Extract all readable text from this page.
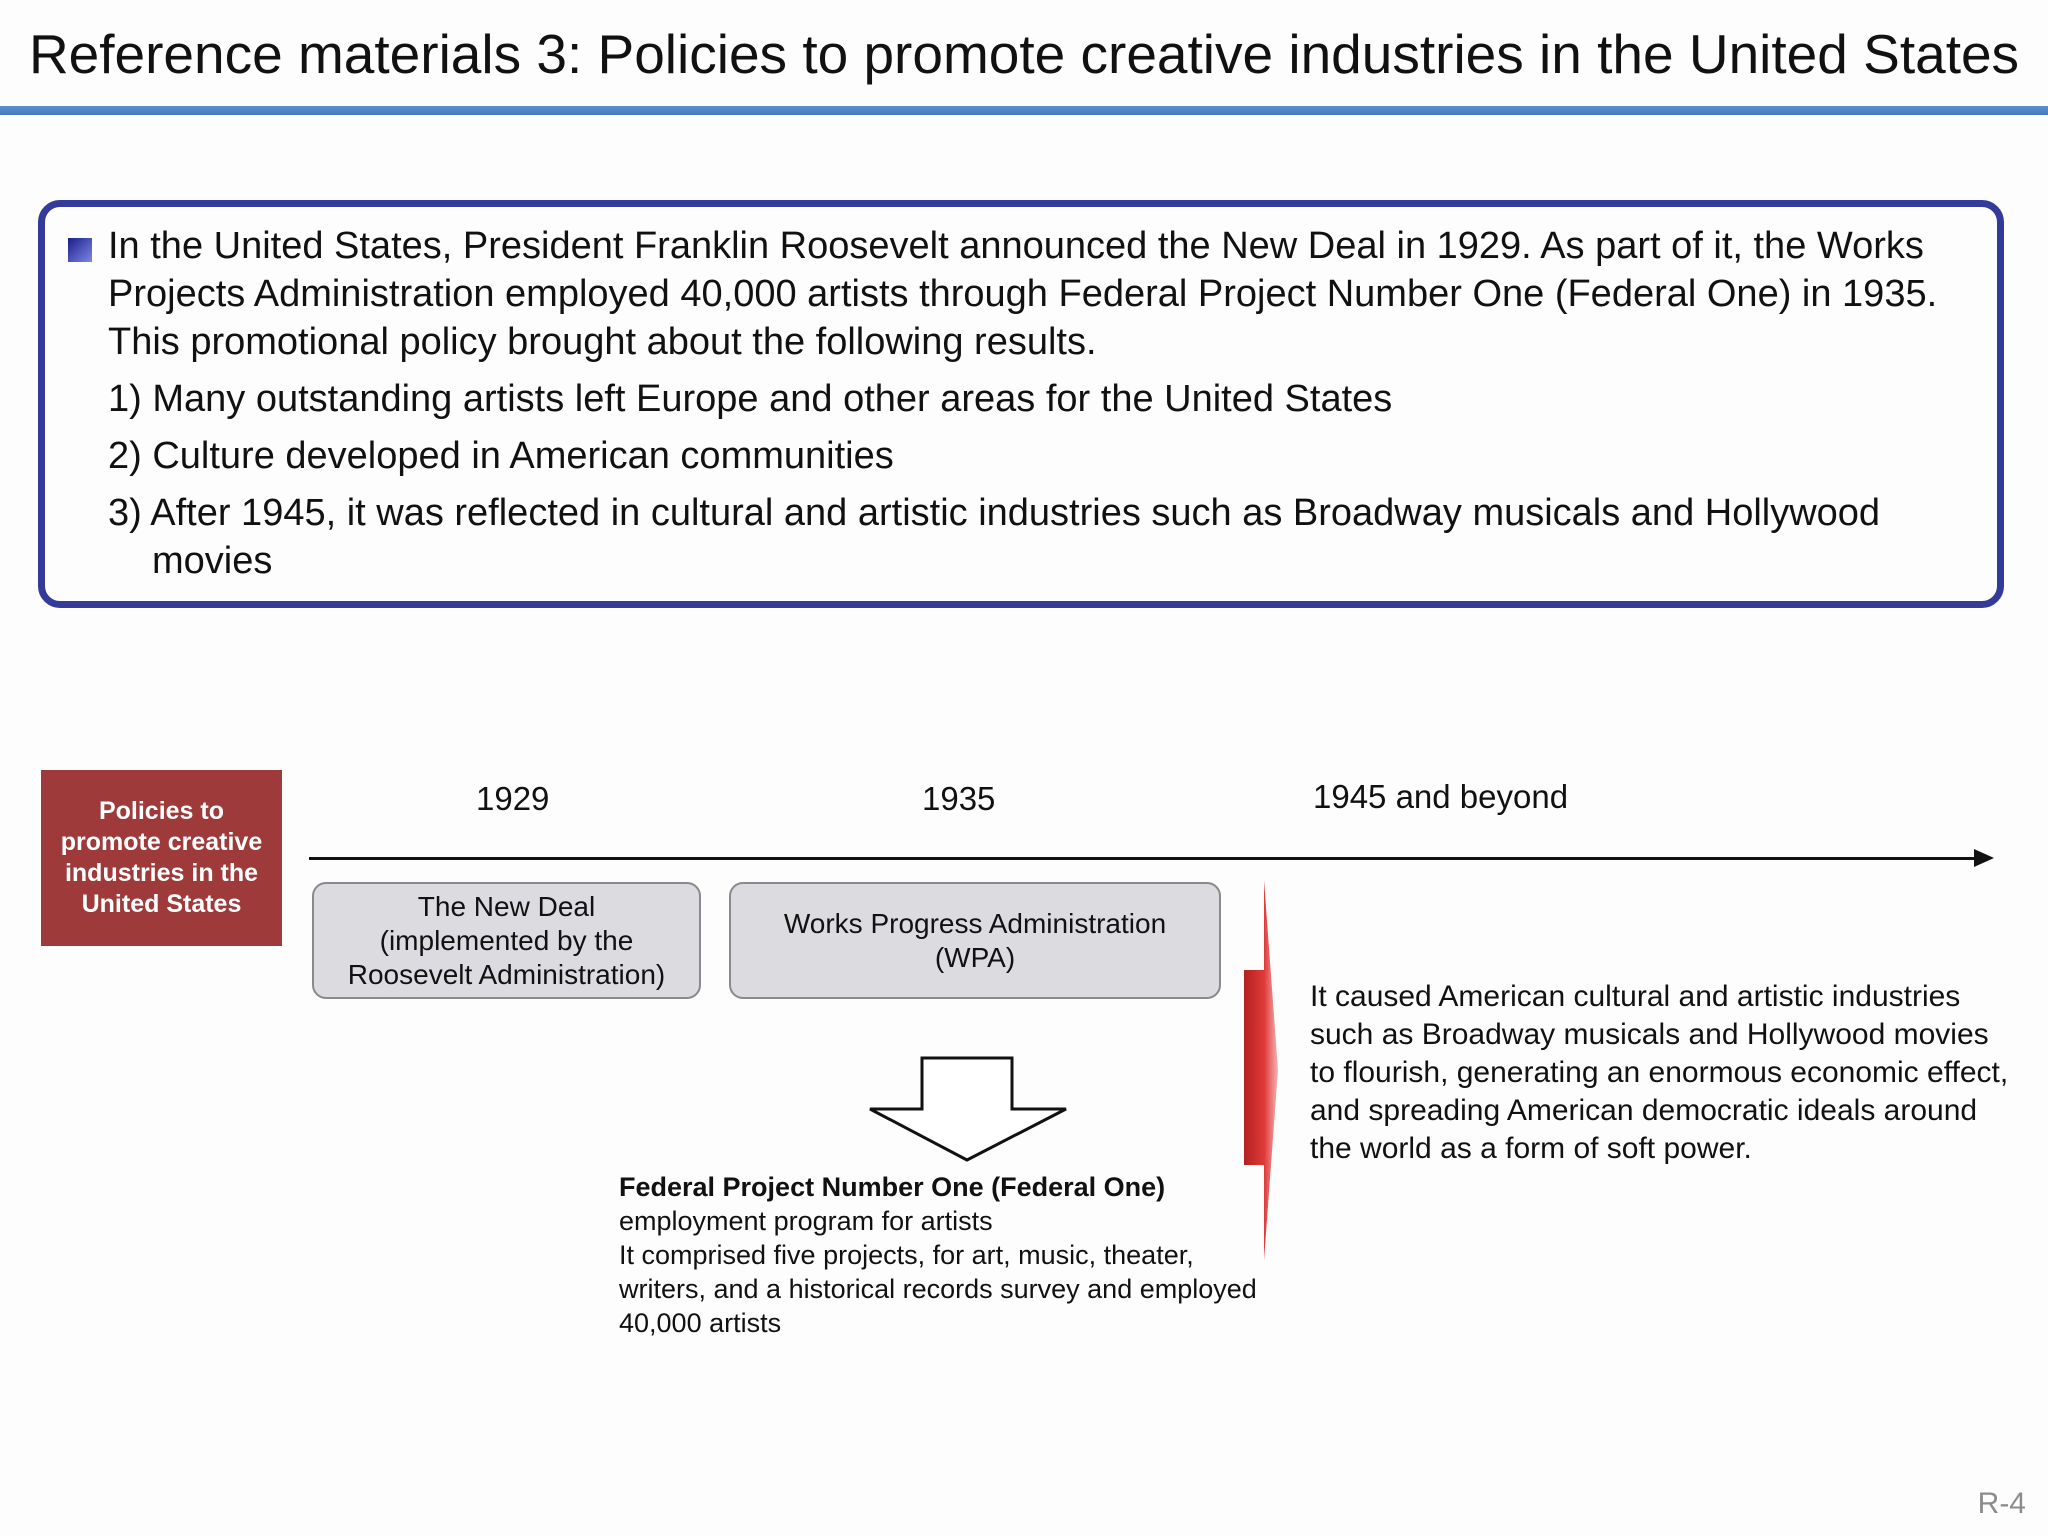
Reference materials 3: Policies to promote creative industries in the United States

In the United States, President Franklin Roosevelt announced the New Deal in 1929. As part of it, the Works Projects Administration employed 40,000 artists through Federal Project Number One (Federal One) in 1935. This promotional policy brought about the following results.

1) Many outstanding artists left Europe and other areas for the United States

2) Culture developed in American communities

3) After 1945, it was reflected in cultural and artistic industries such as Broadway musicals and Hollywood movies

Policies to promote creative industries in the United States
1929	1935	1945 and beyond
The New Deal
(implemented by the
Roosevelt Administration)
Works Progress Administration
(WPA)
Federal Project Number One (Federal One)
employment program for artists
It comprised five projects, for art, music, theater, writers, and a historical records survey and employed 40,000 artists
It caused American cultural and artistic industries such as Broadway musicals and Hollywood movies to flourish, generating an enormous economic effect, and spreading American democratic ideals around the world as a form of soft power.
R-4
